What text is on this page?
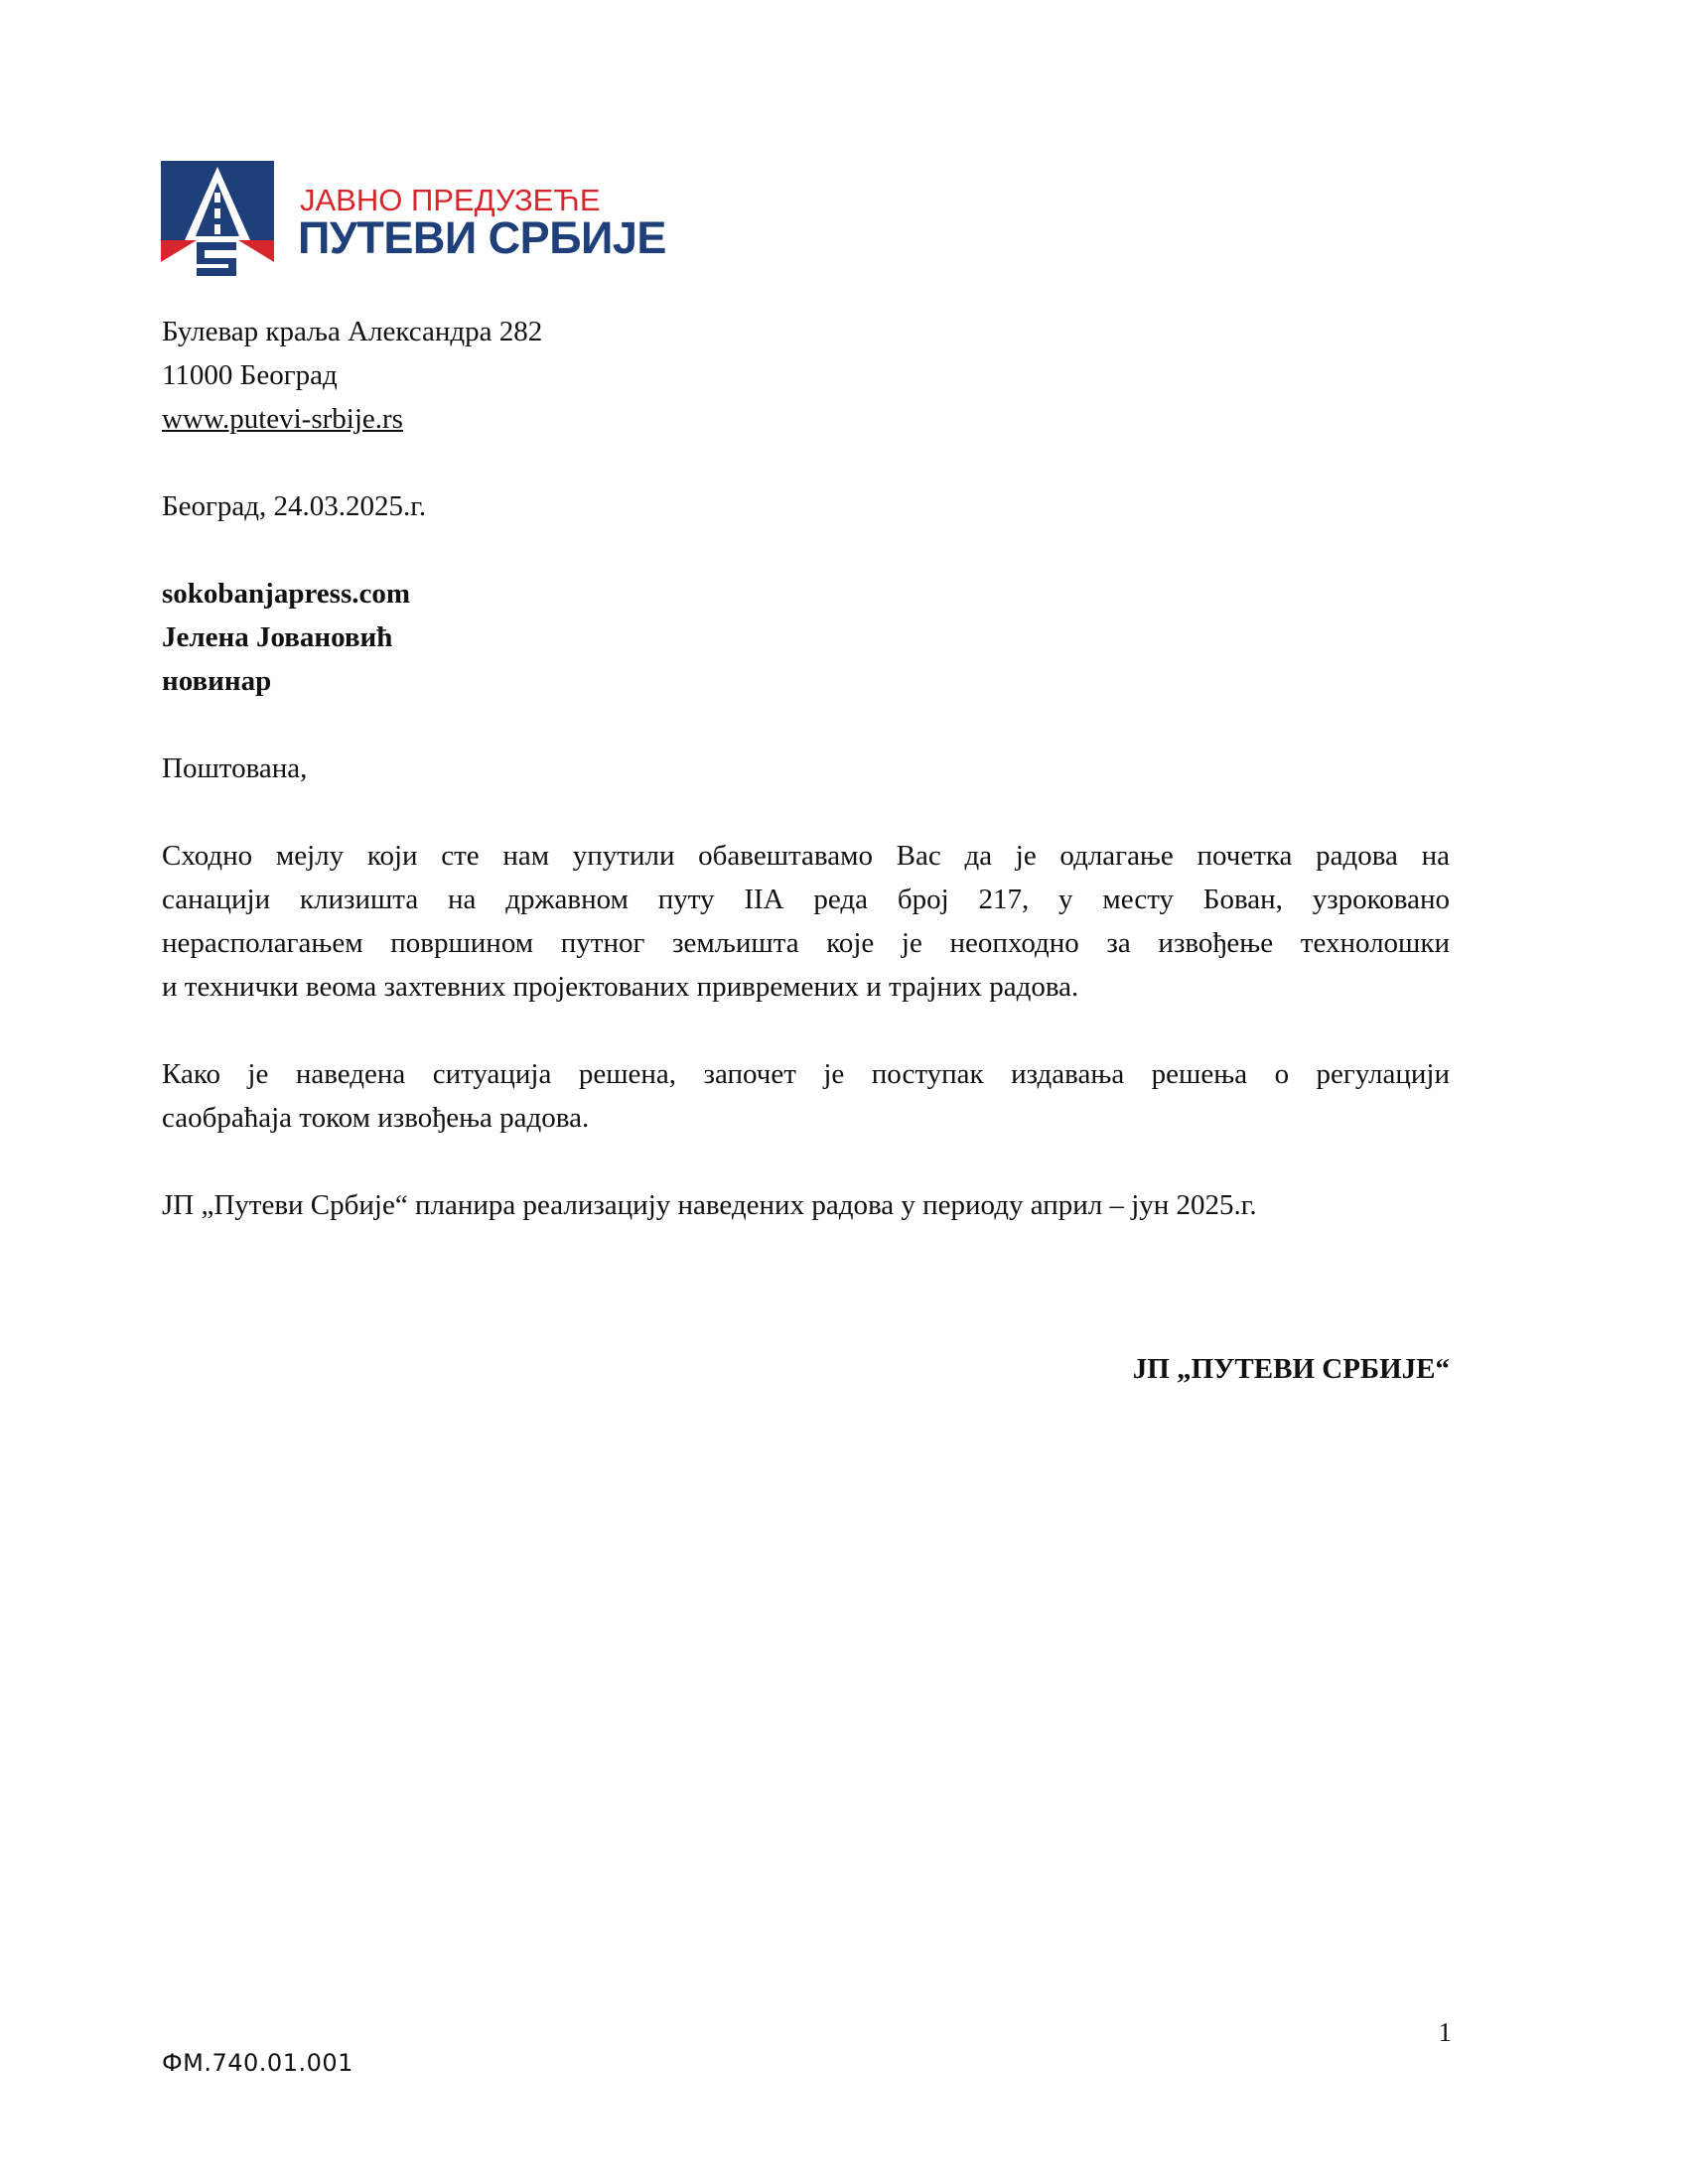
ЈАВНО ПРЕДУЗЕЋЕ
ПУТЕВИ СРБИЈЕ
Булевар краља Александра 282
11000 Београд
www.putevi-srbije.rs
Београд, 24.03.2025.г.
sokobanjapress.com
Јелена Јовановић
новинар
Поштована,
Сходно мејлу који сте нам упутили обавештавамо Вас да је одлагање почетка радова на
санацији клизишта на државном путу IIА реда број 217, у месту Бован, узроковано
нерасполагањем површином путног земљишта које је неопходно за извођење технолошки
и технички веома захтевних пројектованих привремених и трајних радова.
Како је наведена ситуација решена, започет је поступак издавања решења о регулацији
саобраћаја током извођења радова.
ЈП „Путеви Србије“ планира реализацију наведених радова у периоду април – јун 2025.г.
ЈП „ПУТЕВИ СРБИЈЕ“
1
ФМ.740.01.001
